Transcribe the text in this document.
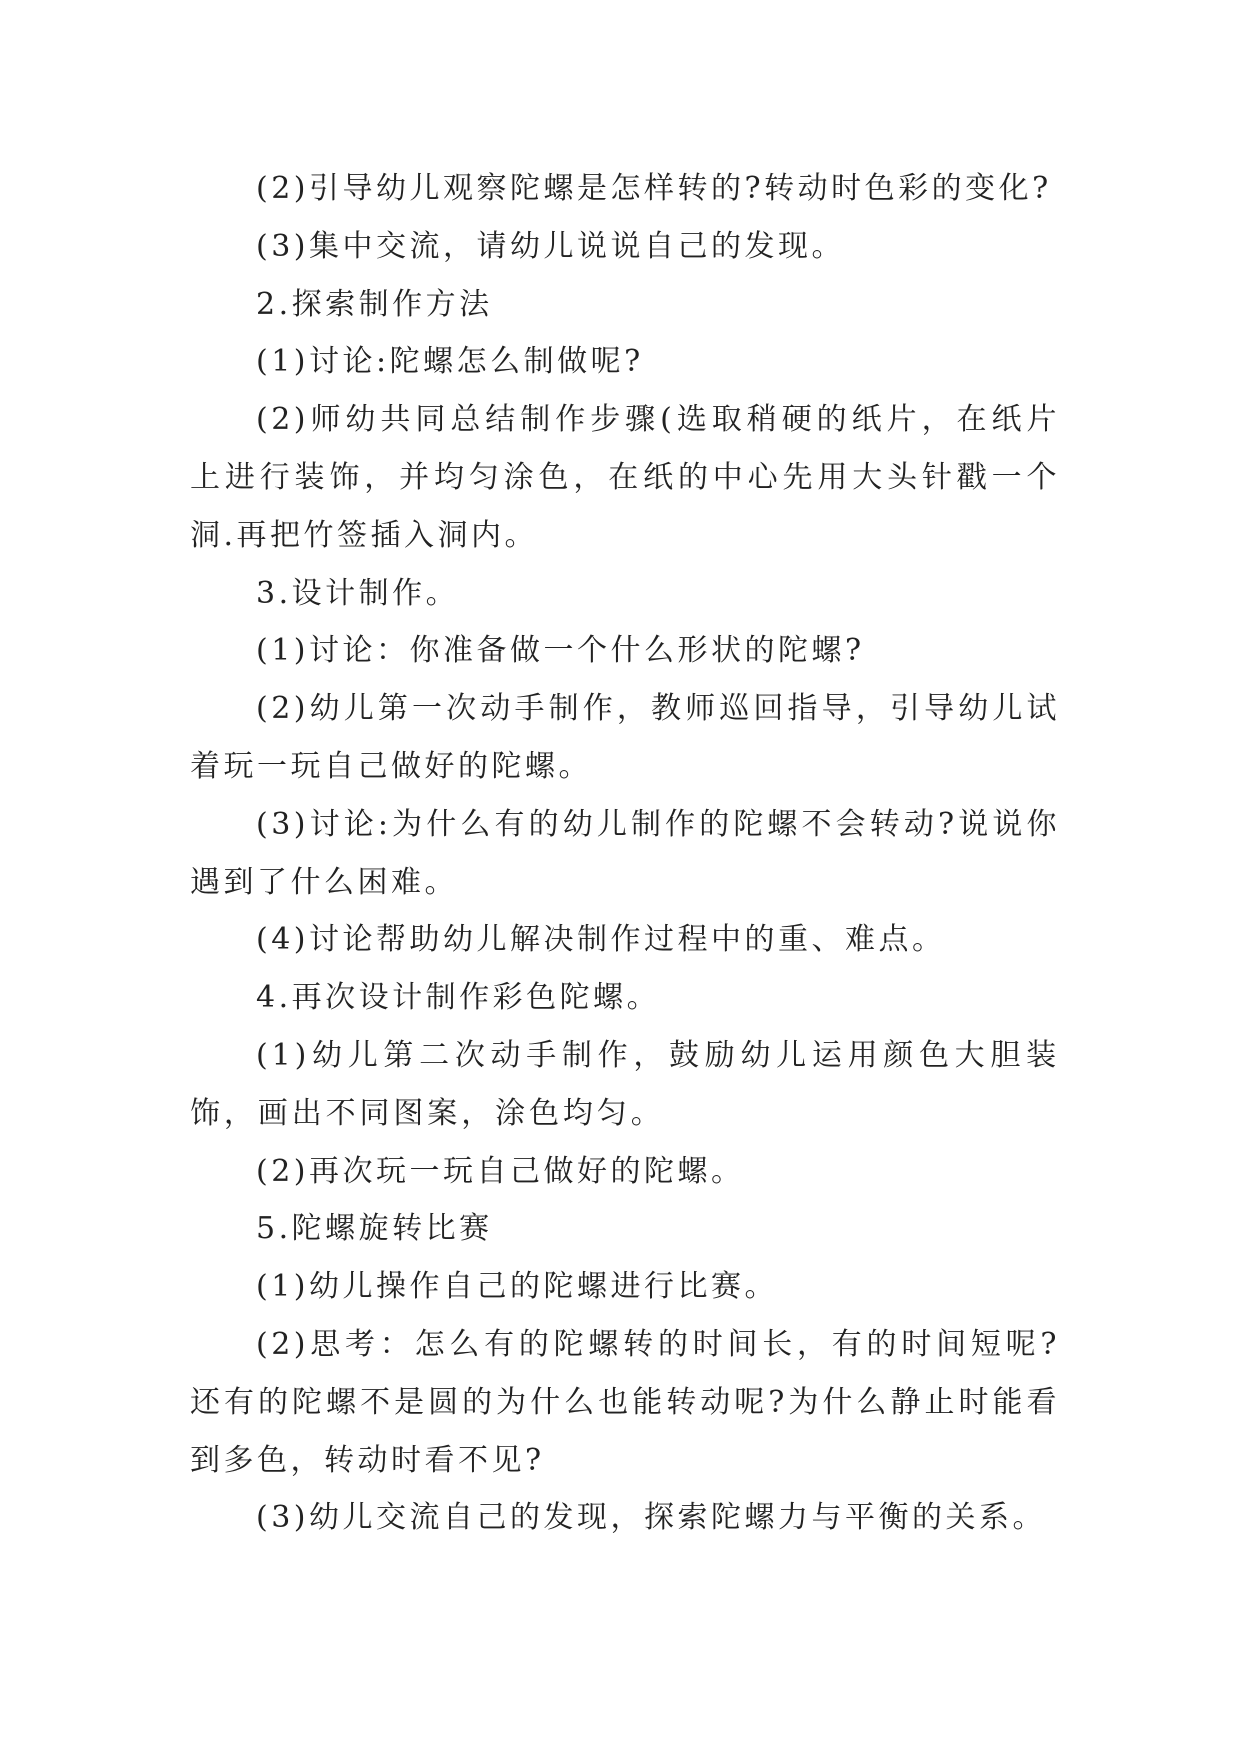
(2)引导幼儿观察陀螺是怎样转的?转动时色彩的变化?

(3)集中交流，请幼儿说说自己的发现。

2.探索制作方法

(1)讨论:陀螺怎么制做呢?

(2)师幼共同总结制作步骤(选取稍硬的纸片，在纸片上进行装饰，并均匀涂色，在纸的中心先用大头针戳一个洞.再把竹签插入洞内。

3.设计制作。

(1)讨论：你准备做一个什么形状的陀螺?

(2)幼儿第一次动手制作，教师巡回指导，引导幼儿试着玩一玩自己做好的陀螺。

(3)讨论:为什么有的幼儿制作的陀螺不会转动?说说你遇到了什么困难。

(4)讨论帮助幼儿解决制作过程中的重、难点。

4.再次设计制作彩色陀螺。

(1)幼儿第二次动手制作，鼓励幼儿运用颜色大胆装饰，画出不同图案，涂色均匀。

(2)再次玩一玩自己做好的陀螺。

5.陀螺旋转比赛

(1)幼儿操作自己的陀螺进行比赛。

(2)思考：怎么有的陀螺转的时间长，有的时间短呢?还有的陀螺不是圆的为什么也能转动呢?为什么静止时能看到多色，转动时看不见?

(3)幼儿交流自己的发现，探索陀螺力与平衡的关系。
